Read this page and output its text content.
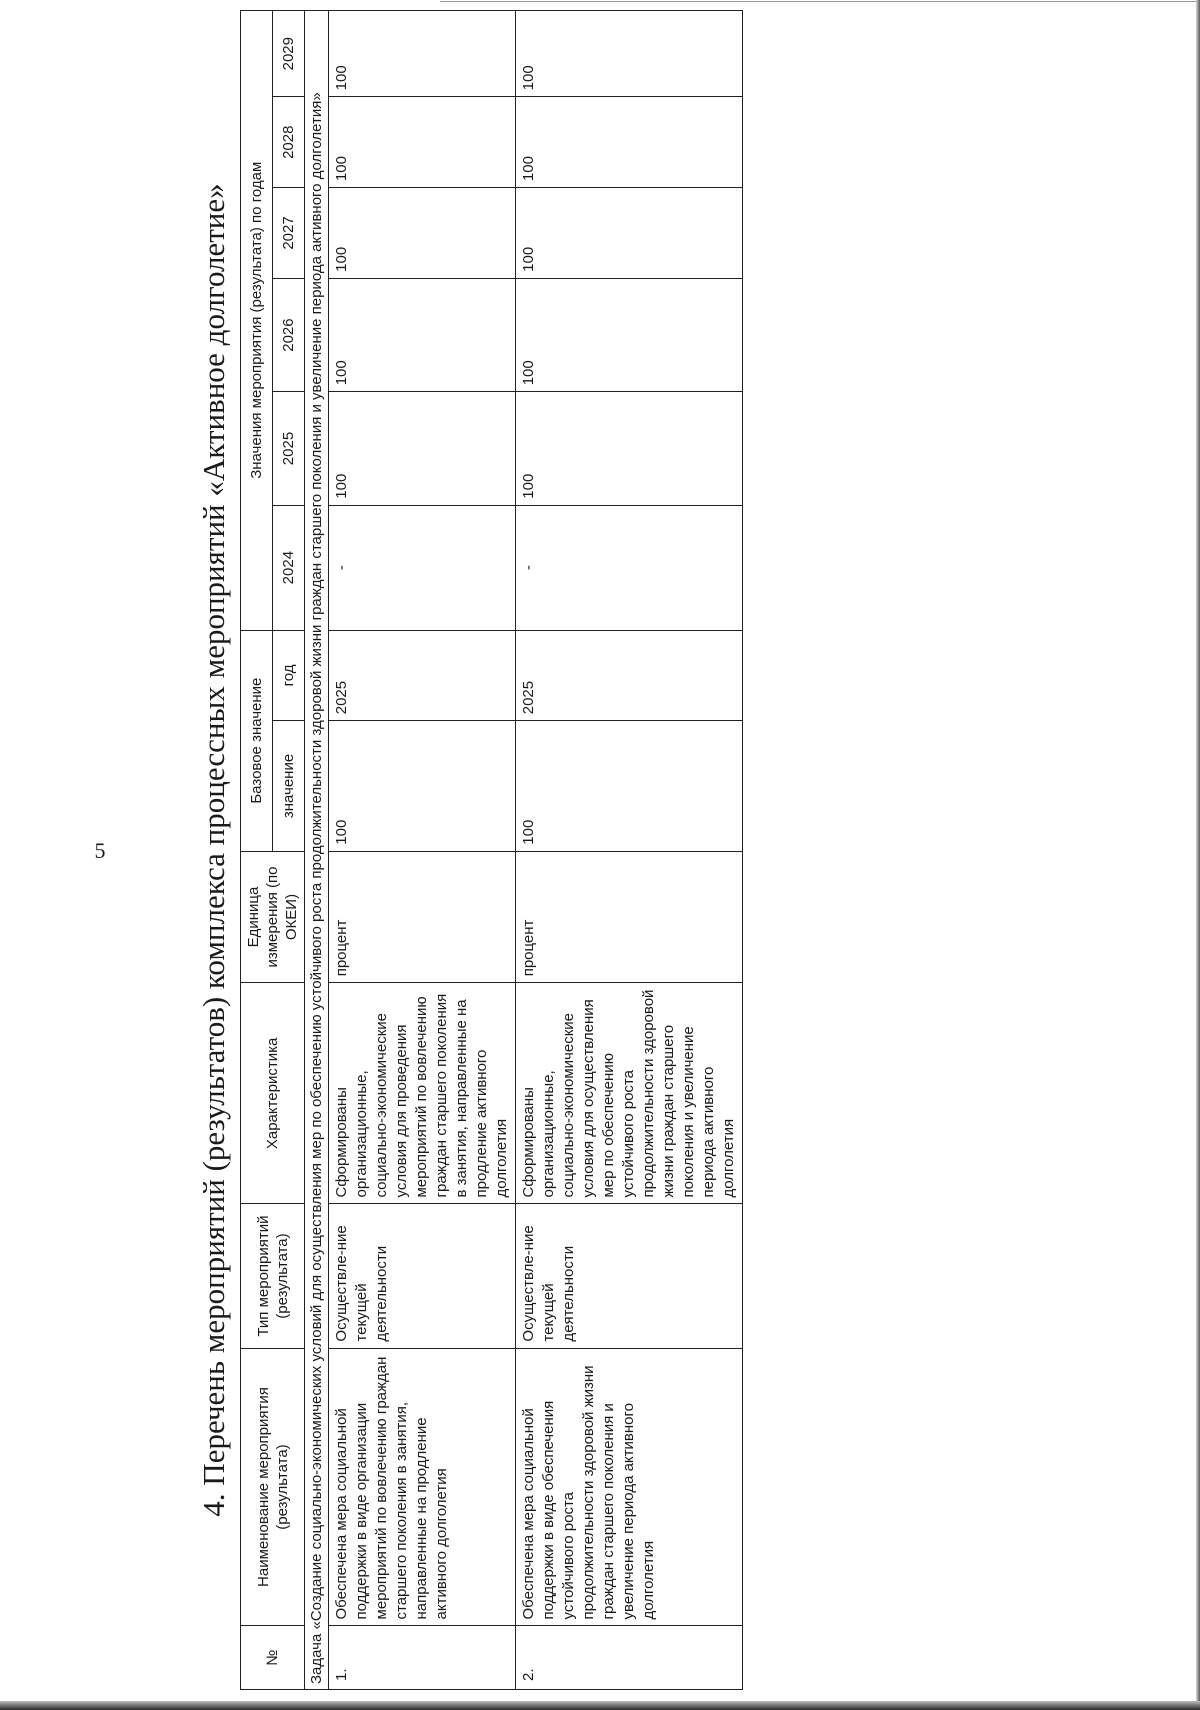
5	4. Перечень мероприятий (результатов) комплекса процессных мероприятий «Активное долголетие»
№	Наименование мероприятия (результата)	Тип мероприятий (результата)	Характеристика	Единица измерения (по ОКЕИ)	Базовое значение		Значения мероприятия (результата) по годам					
					значение	год	2024	2025	2026	2027	2028	2029
Задача «Создание социально-экономических условий для осуществления мер по обеспечению устойчивого роста продолжительности здоровой жизни граждан старшего поколения и увеличение периода активного долголетия»												
1.	Обеспечена мера социальной поддержки в виде организации мероприятий по вовлечению граждан старшего поколения в занятия, направленные на продление активного долголетия	Осуществле-ние текущей деятельности	Сформированы организационные, социально-экономические условия для проведения мероприятий по вовлечению граждан старшего поколения в занятия, направленные на продление активного долголетия	процент	100	2025	-	100	100	100	100	100
2.	Обеспечена мера социальной поддержки в виде обеспечения устойчивого роста продолжительности здоровой жизни граждан старшего поколения и увеличение периода активного долголетия	Осуществле-ние текущей деятельности	Сформированы организационные, социально-экономические условия для осуществления мер по обеспечению устойчивого роста продолжительности здоровой жизни граждан старшего поколения и увеличение периода активного долголетия	процент	100	2025	-	100	100	100	100	100
